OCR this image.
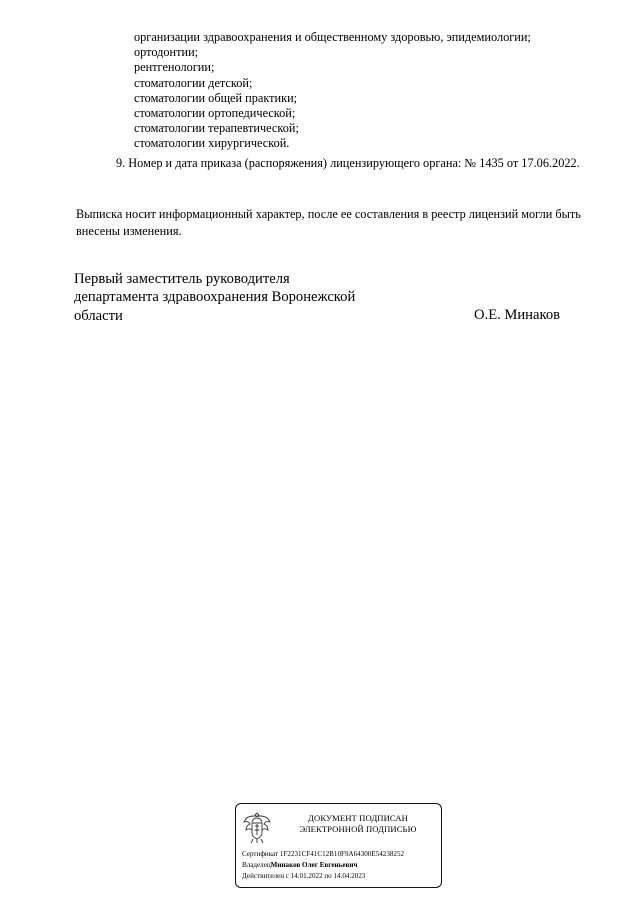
организации здравоохранения и общественному здоровью, эпидемиологии;
ортодонтии;
рентгенологии;
стоматологии детской;
стоматологии общей практики;
стоматологии ортопедической;
стоматологии терапевтической;
стоматологии хирургической.
9. Номер и дата приказа (распоряжения) лицензирующего органа: № 1435 от 17.06.2022.
Выписка носит информационный характер, после ее составления в реестр лицензий могли быть внесены изменения.
Первый заместитель руководителя
департамента здравоохранения Воронежской
области	О.Е. Минаков
ДОКУМЕНТ ПОДПИСАН
ЭЛЕКТРОННОЙ ПОДПИСЬЮ
Сертификат 1F2231CF41C12B10F9A64300E54238252
ВладелецМинаков Олег Евгеньевич
Действителен с 14.01.2022 по 14.04.2023
